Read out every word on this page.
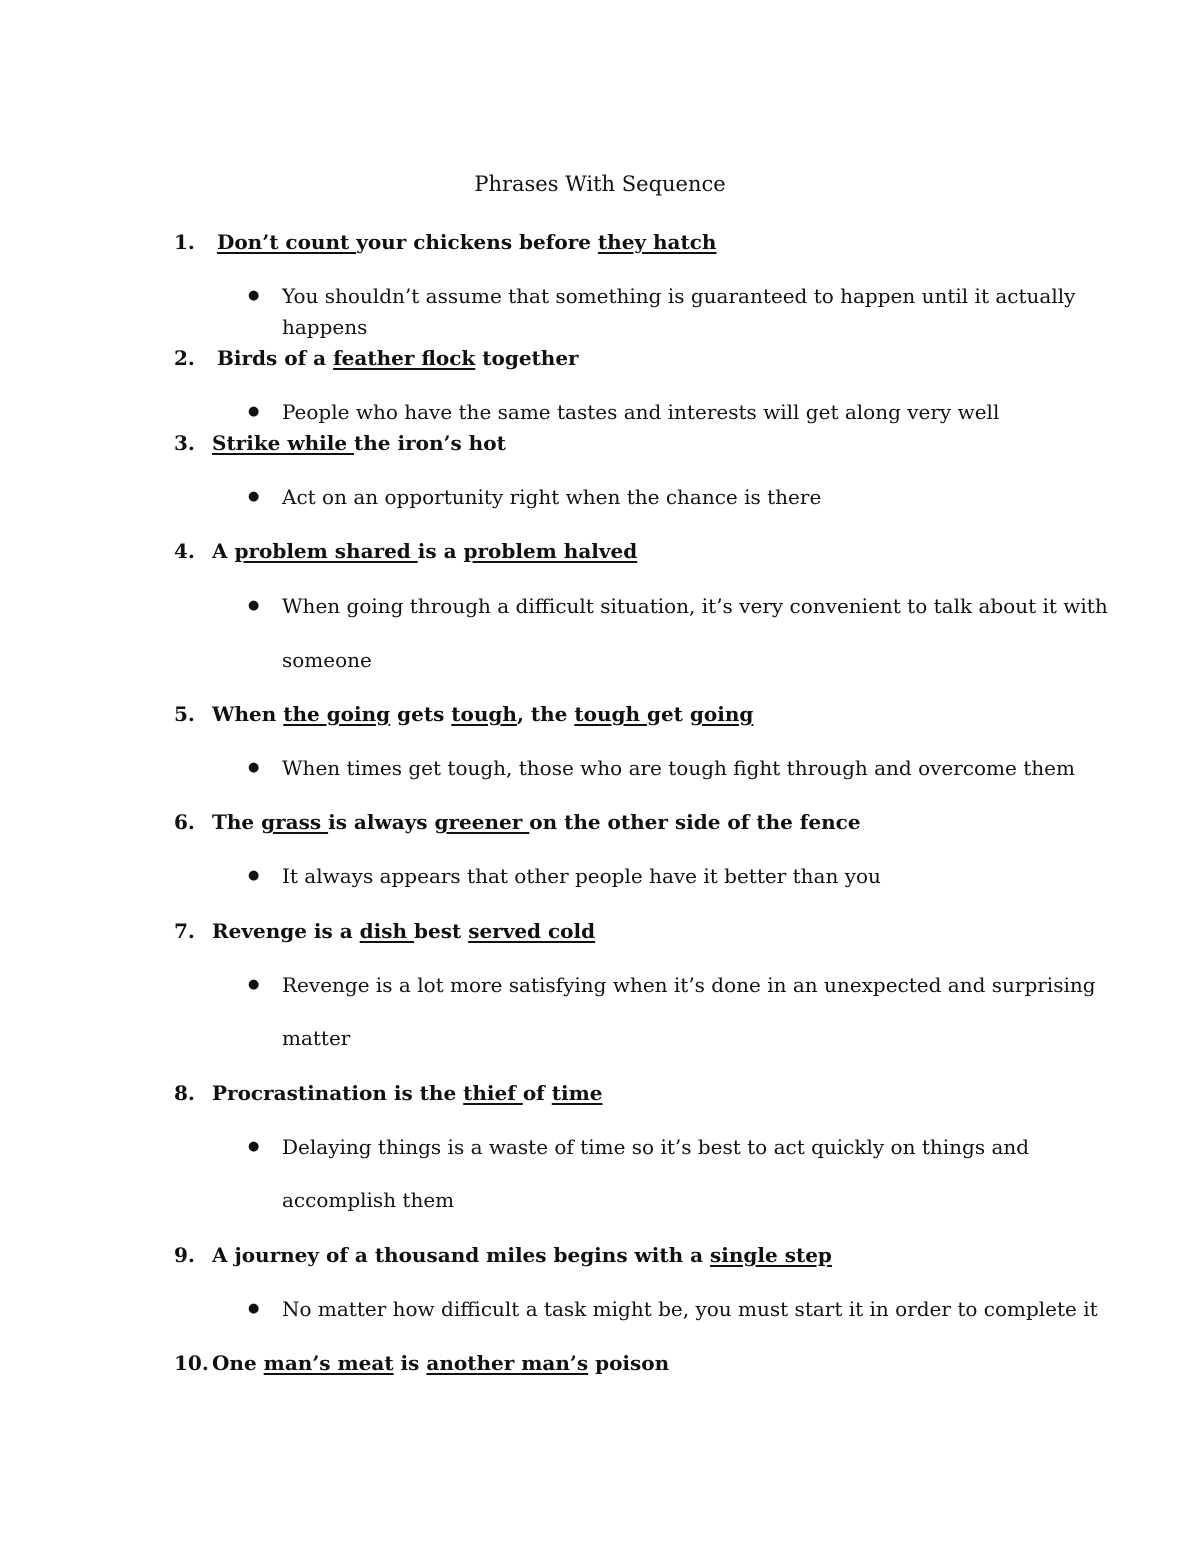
Phrases With Sequence
1. Don’t count your chickens before they hatch
● You shouldn’t assume that something is guaranteed to happen until it actually
happens
2. Birds of a feather flock together
● People who have the same tastes and interests will get along very well
3. Strike while the iron’s hot
● Act on an opportunity right when the chance is there
4. A problem shared is a problem halved
● When going through a difficult situation, it’s very convenient to talk about it with
someone
5. When the going gets tough, the tough get going
● When times get tough, those who are tough fight through and overcome them
6. The grass is always greener on the other side of the fence
● It always appears that other people have it better than you
7. Revenge is a dish best served cold
● Revenge is a lot more satisfying when it’s done in an unexpected and surprising
matter
8. Procrastination is the thief of time
● Delaying things is a waste of time so it’s best to act quickly on things and
accomplish them
9. A journey of a thousand miles begins with a single step
● No matter how difficult a task might be, you must start it in order to complete it
10. One man’s meat is another man’s poison
